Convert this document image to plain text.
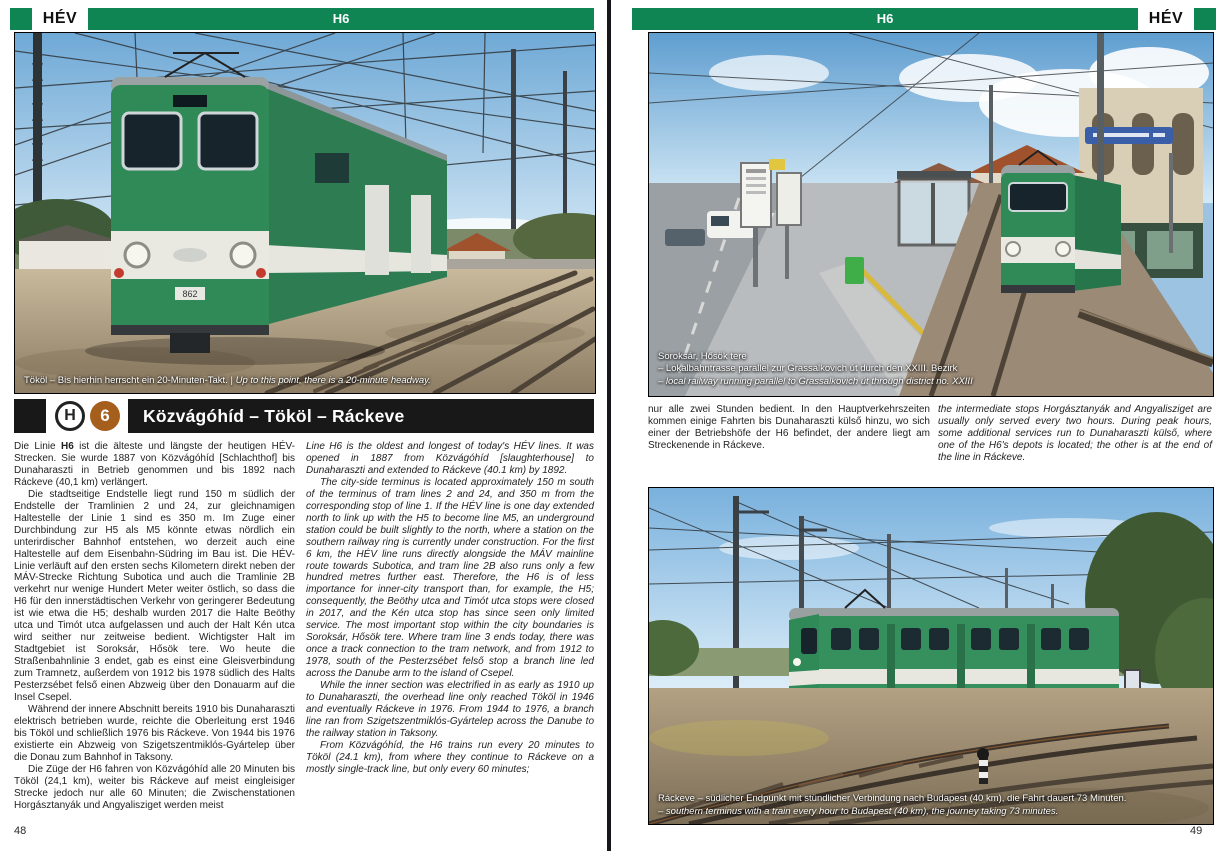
HÉV	H6
862
Tököl – Bis hierhin herrscht ein 20-Minuten-Takt. | Up to this point, there is a 20-minute headway.
H	6	Közvágóhíd – Tököl – Ráckeve

Die Linie H6 ist die älteste und längste der heutigen HÉV-Strecken. Sie wurde 1887 von Közvágóhíd [Schlachthof] bis Dunaharaszti in Betrieb genommen und bis 1892 nach Ráckeve (40,1 km) verlängert.

Die stadtseitige Endstelle liegt rund 150 m südlich der Endstelle der Tramlinien 2 und 24, zur gleichnamigen Haltestelle der Linie 1 sind es 350 m. Im Zuge einer Durchbindung zur H5 als M5 könnte etwas nördlich ein unterirdischer Bahnhof entstehen, wo derzeit auch eine Haltestelle auf dem Eisenbahn-Südring im Bau ist. Die HÉV-Linie verläuft auf den ersten sechs Kilometern direkt neben der MÁV-Strecke Richtung Subotica und auch die Tramlinie 2B verkehrt nur wenige Hundert Meter weiter östlich, so dass die H6 für den innerstädtischen Verkehr von geringerer Bedeutung ist wie etwa die H5; deshalb wurden 2017 die Halte Beöthy utca und Timót utca aufgelassen und auch der Halt Kén utca wird seither nur zeitweise bedient. Wichtigster Halt im Stadtgebiet ist Soroksár, Hősök tere. Wo heute die Straßenbahnlinie 3 endet, gab es einst eine Gleisverbindung zum Tramnetz, außerdem von 1912 bis 1978 südlich des Halts Pesterzsébet felső einen Abzweig über den Donauarm auf die Insel Csepel.

Während der innere Abschnitt bereits 1910 bis Dunaharaszti elektrisch betrieben wurde, reichte die Oberleitung erst 1946 bis Tököl und schließlich 1976 bis Ráckeve. Von 1944 bis 1976 existierte ein Abzweig von Szigetszentmiklós-Gyártelep über die Donau zum Bahnhof in Taksony.

Die Züge der H6 fahren von Közvágóhíd alle 20 Minuten bis Tököl (24,1 km), weiter bis Ráckeve auf meist eingleisiger Strecke jedoch nur alle 60 Minuten; die Zwischenstationen Horgásztanyák und Angyalisziget werden meist

Line H6 is the oldest and longest of today's HÉV lines. It was opened in 1887 from Közvágóhíd [slaughterhouse] to Dunaharaszti and extended to Ráckeve (40.1 km) by 1892.

The city-side terminus is located approximately 150 m south of the terminus of tram lines 2 and 24, and 350 m from the corresponding stop of line 1. If the HÉV line is one day extended north to link up with the H5 to become line M5, an underground station could be built slightly to the north, where a station on the southern railway ring is currently under construction. For the first 6 km, the HÉV line runs directly alongside the MÁV mainline route towards Subotica, and tram line 2B also runs only a few hundred metres further east. Therefore, the H6 is of less importance for inner-city transport than, for example, the H5; consequently, the Beöthy utca and Timót utca stops were closed in 2017, and the Kén utca stop has since seen only limited service. The most important stop within the city boundaries is Soroksár, Hősök tere. Where tram line 3 ends today, there was once a track connection to the tram network, and from 1912 to 1978, south of the Pesterzsébet felső stop a branch line led across the Danube arm to the island of Csepel.

While the inner section was electrified in as early as 1910 up to Dunaharaszti, the overhead line only reached Tököl in 1946 and eventually Ráckeve in 1976. From 1944 to 1976, a branch line ran from Szigetszentmiklós-Gyártelep across the Danube to the railway station in Taksony.

From Közvágóhíd, the H6 trains run every 20 minutes to Tököl (24.1 km), from where they continue to Ráckeve on a mostly single-track line, but only every 60 minutes;

48
H6	HÉV
Soroksár, Hősök tere
– Lokalbahntrasse parallel zur Grassalkovich út durch den XXIII. Bezirk
– local railway running parallel to Grassalkovich út through district no. XXIII

nur alle zwei Stunden bedient. In den Hauptverkehrszeiten kommen einige Fahrten bis Dunaharaszti külső hinzu, wo sich einer der Betriebshöfe der H6 befindet, der andere liegt am Streckenende in Ráckeve.

the intermediate stops Horgásztanyák and Angyalisziget are usually only served every two hours. During peak hours, some additional services run to Dunaharaszti külső, where one of the H6's depots is located; the other is at the end of the line in Ráckeve.

Ráckeve – südlicher Endpunkt mit stündlicher Verbindung nach Budapest (40 km), die Fahrt dauert 73 Minuten.
– southern terminus with a train every hour to Budapest (40 km), the journey taking 73 minutes.
49
